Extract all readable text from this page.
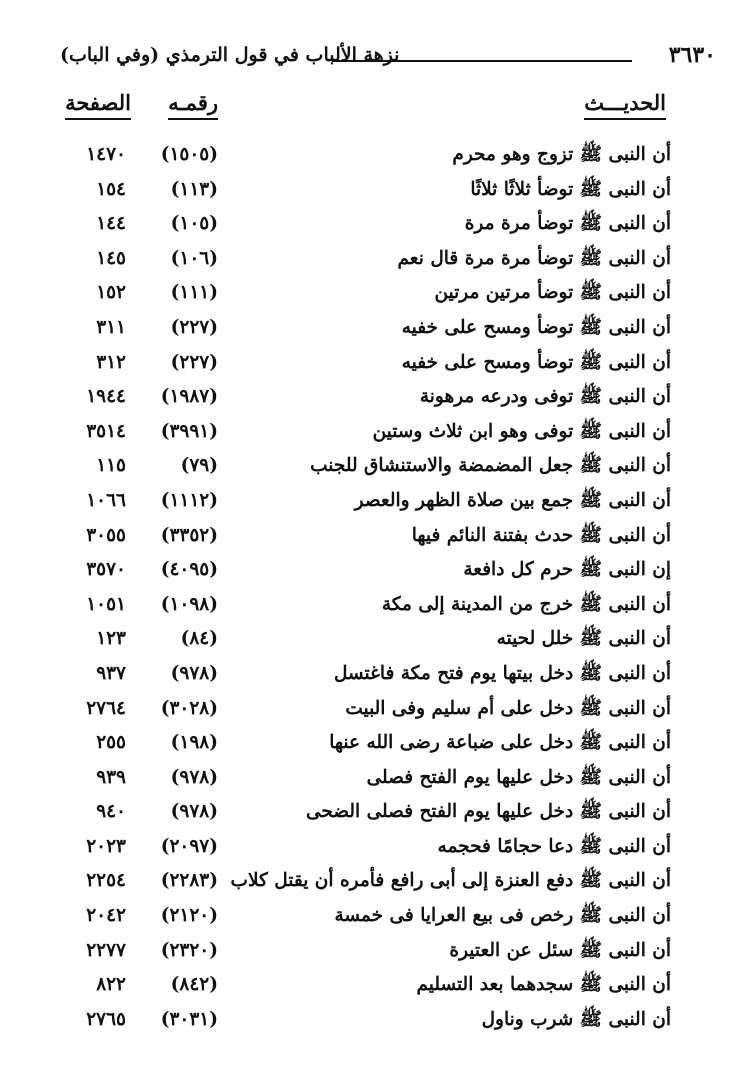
٣٦٣٠
نزهة الألباب في قول الترمذي (وفي الباب)
الحديـــث
رقمـه
الصفحة
أن النبى ﷺ تزوج وهو محرم
(١٥٠٥)
١٤٧٠
أن النبى ﷺ توضأ ثلاثًا ثلاثًا
(١١٣)
١٥٤
أن النبى ﷺ توضأ مرة مرة
(١٠٥)
١٤٤
أن النبى ﷺ توضأ مرة مرة قال نعم
(١٠٦)
١٤٥
أن النبى ﷺ توضأ مرتين مرتين
(١١١)
١٥٢
أن النبى ﷺ توضأ ومسح على خفيه
(٢٢٧)
٣١١
أن النبى ﷺ توضأ ومسح على خفيه
(٢٢٧)
٣١٢
أن النبى ﷺ توفى ودرعه مرهونة
(١٩٨٧)
١٩٤٤
أن النبى ﷺ توفى وهو ابن ثلاث وستين
(٣٩٩١)
٣٥١٤
أن النبى ﷺ جعل المضمضة والاستنشاق للجنب
(٧٩)
١١٥
أن النبى ﷺ جمع بين صلاة الظهر والعصر
(١١١٢)
١٠٦٦
أن النبى ﷺ حدث بفتنة النائم فيها
(٣٣٥٢)
٣٠٥٥
إن النبى ﷺ حرم كل دافعة
(٤٠٩٥)
٣٥٧٠
أن النبى ﷺ خرج من المدينة إلى مكة
(١٠٩٨)
١٠٥١
أن النبى ﷺ خلل لحيته
(٨٤)
١٢٣
أن النبى ﷺ دخل بيتها يوم فتح مكة فاغتسل
(٩٧٨)
٩٣٧
أن النبى ﷺ دخل على أم سليم وفى البيت
(٣٠٢٨)
٢٧٦٤
أن النبى ﷺ دخل على ضباعة رضى الله عنها
(١٩٨)
٢٥٥
أن النبى ﷺ دخل عليها يوم الفتح فصلى
(٩٧٨)
٩٣٩
أن النبى ﷺ دخل عليها يوم الفتح فصلى الضحى
(٩٧٨)
٩٤٠
أن النبى ﷺ دعا حجامًا فحجمه
(٢٠٩٧)
٢٠٢٣
أن النبى ﷺ دفع العنزة إلى أبى رافع فأمره أن يقتل كلاب
(٢٢٨٣)
٢٢٥٤
أن النبى ﷺ رخص فى بيع العرايا فى خمسة
(٢١٢٠)
٢٠٤٢
أن النبى ﷺ سئل عن العتيرة
(٢٣٢٠)
٢٢٧٧
أن النبى ﷺ سجدهما بعد التسليم
(٨٤٢)
٨٢٢
أن النبى ﷺ شرب وناول
(٣٠٣١)
٢٧٦٥
